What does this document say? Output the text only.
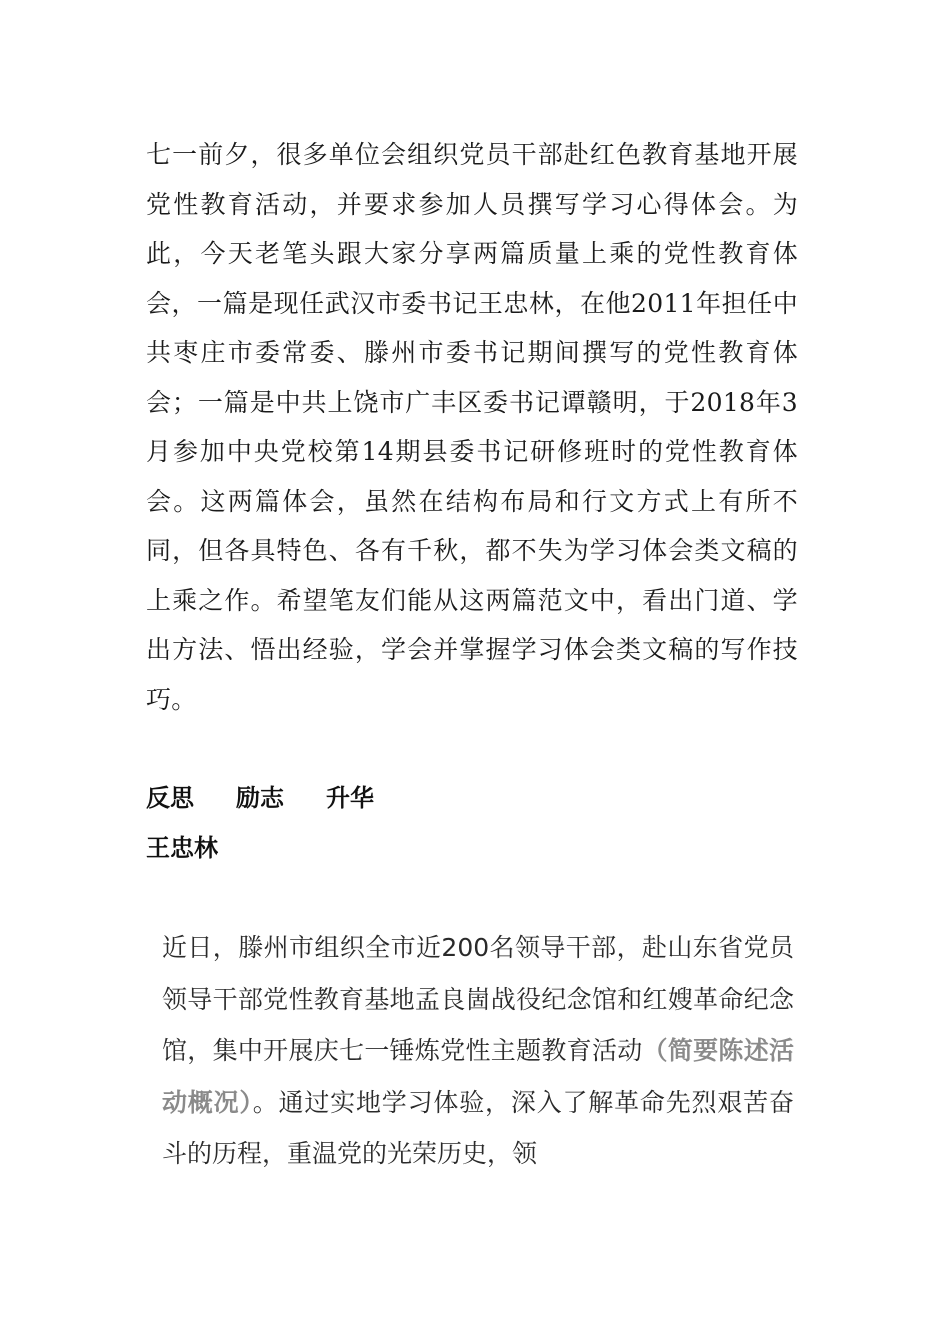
七一前夕，很多单位会组织党员干部赴红色教育基地开展党性教育活动，并要求参加人员撰写学习心得体会。为此，今天老笔头跟大家分享两篇质量上乘的党性教育体会，一篇是现任武汉市委书记王忠林，在他2011年担任中共枣庄市委常委、滕州市委书记期间撰写的党性教育体会；一篇是中共上饶市广丰区委书记谭赣明，于2018年3月参加中央党校第14期县委书记研修班时的党性教育体会。这两篇体会，虽然在结构布局和行文方式上有所不同，但各具特色、各有千秋，都不失为学习体会类文稿的上乘之作。希望笔友们能从这两篇范文中，看出门道、学出方法、悟出经验，学会并掌握学习体会类文稿的写作技巧。

反思 励志 升华
王忠林

近日，滕州市组织全市近200名领导干部，赴山东省党员领导干部党性教育基地孟良崮战役纪念馆和红嫂革命纪念馆，集中开展庆七一锤炼党性主题教育活动（简要陈述活动概况）。通过实地学习体验，深入了解革命先烈艰苦奋斗的历程，重温党的光荣历史，领
